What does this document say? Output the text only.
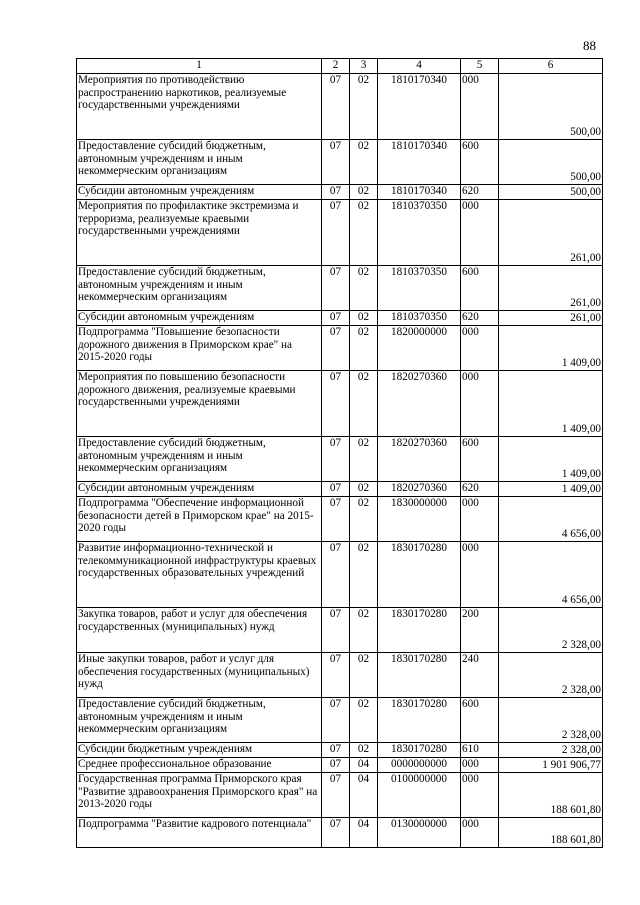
88
1	2	3	4	5	6
Мероприятия по противодействию распространению наркотиков, реализуемые государственными учреждениями	07	02	1810170340	000	500,00
Предоставление субсидий бюджетным, автономным учреждениям и иным некоммерческим организациям	07	02	1810170340	600	500,00
Субсидии автономным учреждениям	07	02	1810170340	620	500,00
Мероприятия по профилактике экстремизма и терроризма, реализуемые краевыми государственными учреждениями	07	02	1810370350	000	261,00
Предоставление субсидий бюджетным, автономным учреждениям и иным некоммерческим организациям	07	02	1810370350	600	261,00
Субсидии автономным учреждениям	07	02	1810370350	620	261,00
Подпрограмма "Повышение безопасности дорожного движения в Приморском крае" на 2015-2020 годы	07	02	1820000000	000	1 409,00
Мероприятия по повышению безопасности дорожного движения, реализуемые краевыми государственными учреждениями	07	02	1820270360	000	1 409,00
Предоставление субсидий бюджетным, автономным учреждениям и иным некоммерческим организациям	07	02	1820270360	600	1 409,00
Субсидии автономным учреждениям	07	02	1820270360	620	1 409,00
Подпрограмма "Обеспечение информационной безопасности детей в Приморском крае" на 2015-2020 годы	07	02	1830000000	000	4 656,00
Развитие информационно-технической и телекоммуникационной инфраструктуры краевых государственных образовательных учреждений	07	02	1830170280	000	4 656,00
Закупка товаров, работ и услуг для обеспечения государственных (муниципальных) нужд	07	02	1830170280	200	2 328,00
Иные закупки товаров, работ и услуг для обеспечения государственных (муниципальных) нужд	07	02	1830170280	240	2 328,00
Предоставление субсидий бюджетным, автономным учреждениям и иным некоммерческим организациям	07	02	1830170280	600	2 328,00
Субсидии бюджетным учреждениям	07	02	1830170280	610	2 328,00
Среднее профессиональное образование	07	04	0000000000	000	1 901 906,77
Государственная программа Приморского края "Развитие здравоохранения Приморского края" на 2013-2020 годы	07	04	0100000000	000	188 601,80
Подпрограмма "Развитие кадрового потенциала"	07	04	0130000000	000	188 601,80
